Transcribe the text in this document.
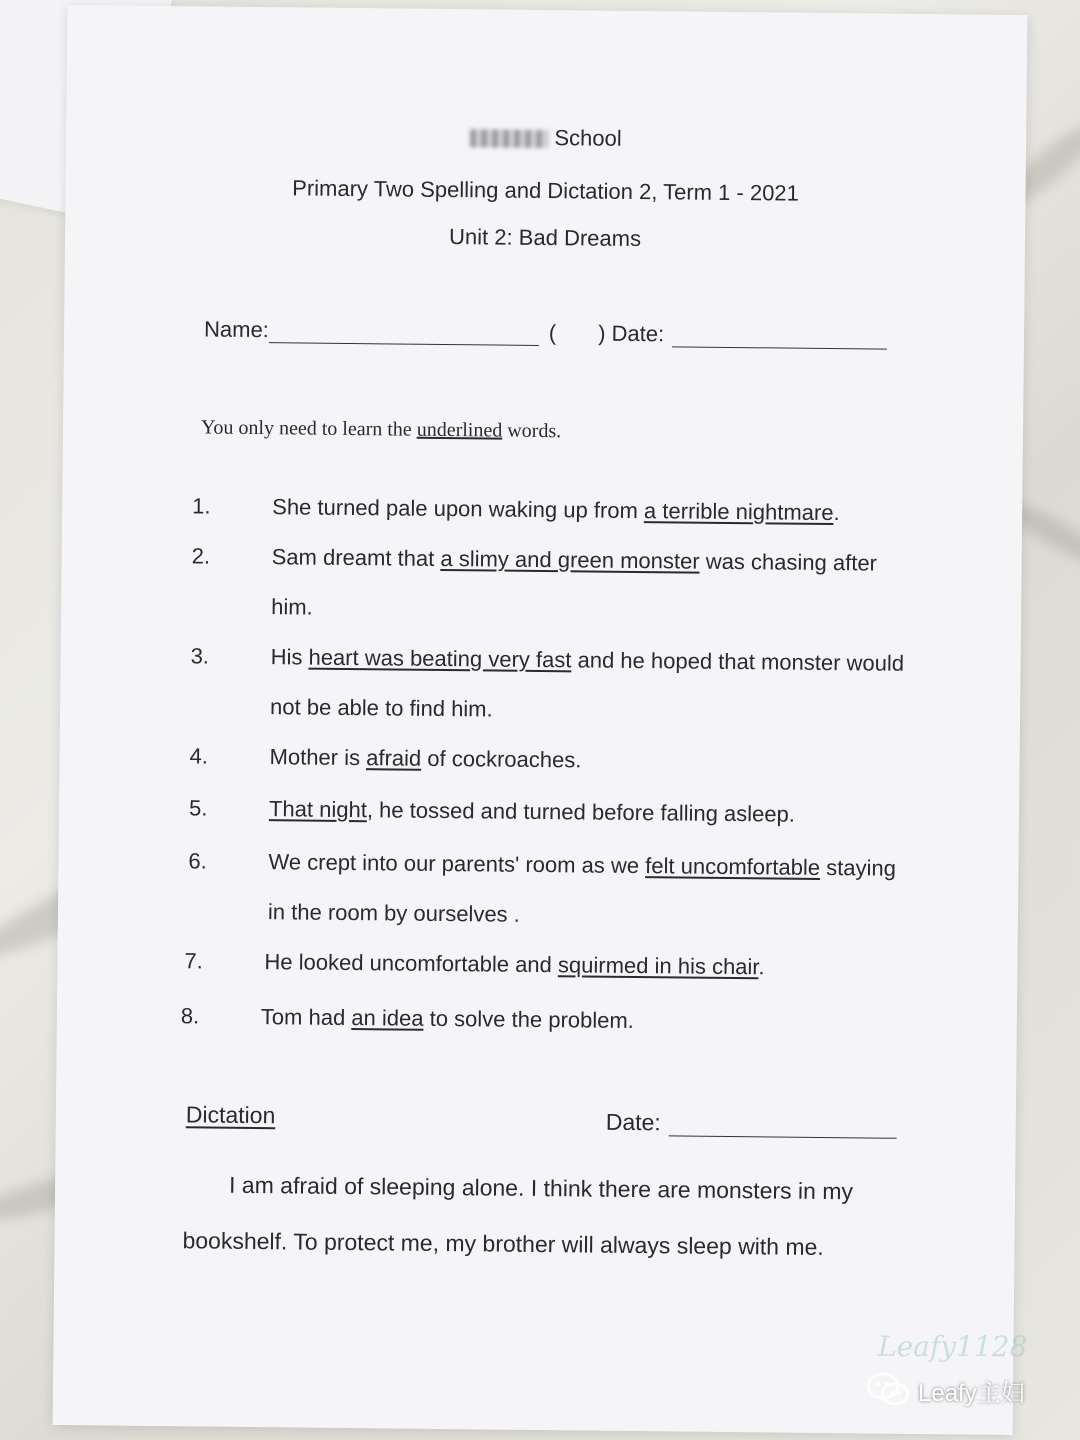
School
Primary Two Spelling and Dictation 2, Term 1 - 2021
Unit 2: Bad Dreams
Name:	( ) Date:
You only need to learn the underlined words.
1.	She turned pale upon waking up from a terrible nightmare.
2.	Sam dreamt that a slimy and green monster was chasing after him.
3.	His heart was beating very fast and he hoped that monster would not be able to find him.
4.	Mother is afraid of cockroaches.
5.	That night, he tossed and turned before falling asleep.
6.	We crept into our parents' room as we felt uncomfortable staying in the room by ourselves .
7.	He looked uncomfortable and squirmed in his chair.
8.	Tom had an idea to solve the problem.
Dictation	Date:
I am afraid of sleeping alone. I think there are monsters in my bookshelf. To protect me, my brother will always sleep with me.
Leafy1128
Leafy主妇
